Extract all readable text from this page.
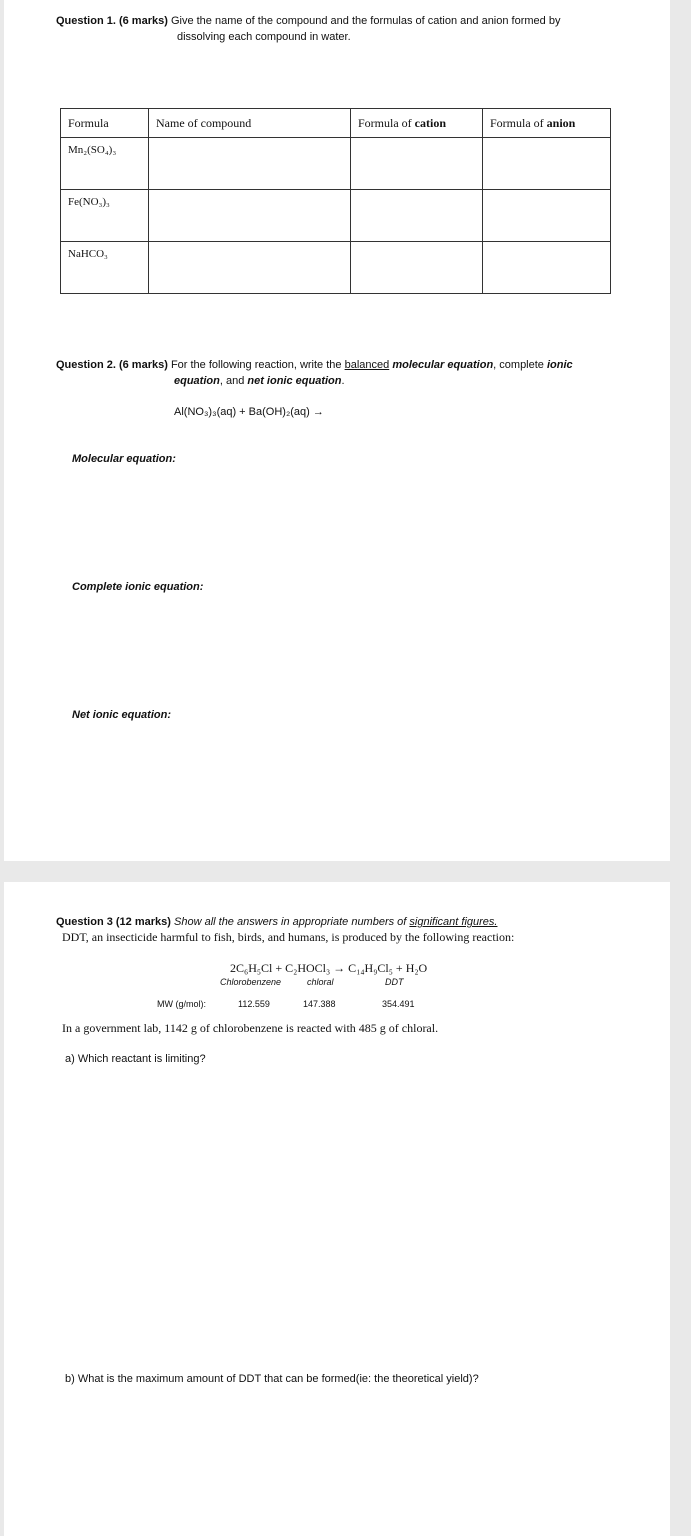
Question 1. (6 marks) Give the name of the compound and the formulas of cation and anion formed by
dissolving each compound in water.
Formula	Name of compound	Formula of cation	Formula of anion
Mn₂(SO₄)₃			
Fe(NO₃)₃			
NaHCO₃			
Question 2. (6 marks) For the following reaction, write the balanced molecular equation, complete ionic
equation, and net ionic equation.
Al(NO₃)₃(aq) + Ba(OH)₂(aq) →
Molecular equation:
Complete ionic equation:
Net ionic equation:
Question 3 (12 marks) Show all the answers in appropriate numbers of significant figures.
DDT, an insecticide harmful to fish, birds, and humans, is produced by the following reaction:
2C₆H₅Cl + C₂HOCl₃ → C₁₄H₉Cl₅ + H₂O
Chlorobenzene	chloral	DDT
MW (g/mol):	112.559	147.388	354.491
In a government lab, 1142 g of chlorobenzene is reacted with 485 g of chloral.
a) Which reactant is limiting?
b) What is the maximum amount of DDT that can be formed(ie: the theoretical yield)?
